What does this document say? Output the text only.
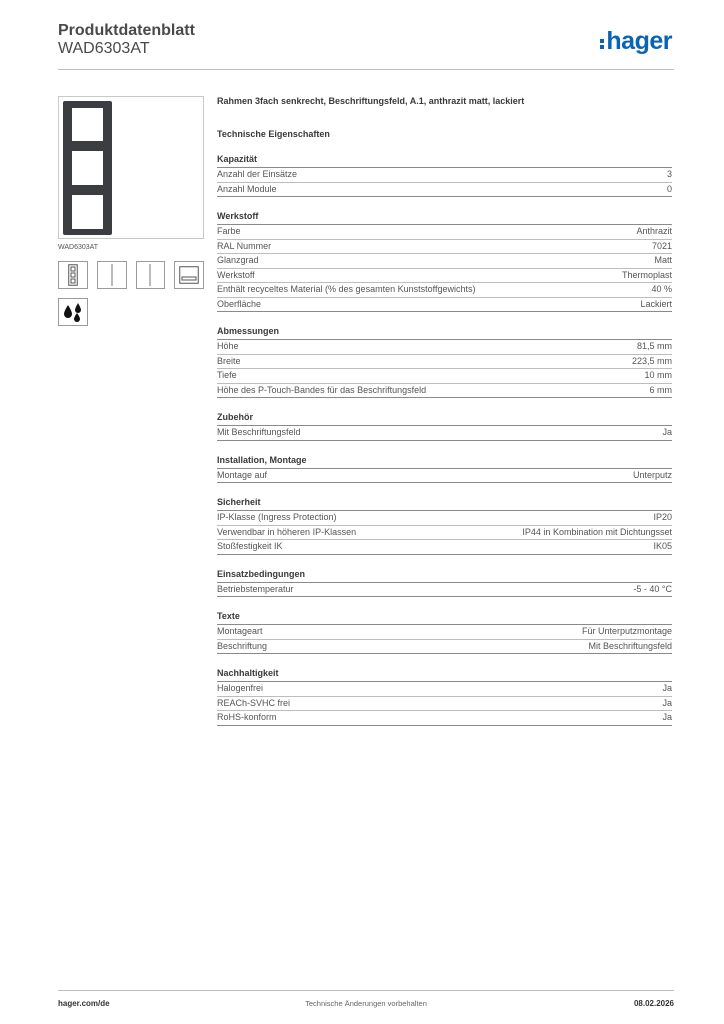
Produktdatenblatt
WAD6303AT	hager
WAD6303AT
Rahmen 3fach senkrecht, Beschriftungsfeld, A.1, anthrazit matt, lackiert
Technische Eigenschaften
Kapazität
Anzahl der Einsätze	3
Anzahl Module	0
Werkstoff
Farbe	Anthrazit
RAL Nummer	7021
Glanzgrad	Matt
Werkstoff	Thermoplast
Enthält recyceltes Material (% des gesamten Kunststoffgewichts)	40 %
Oberfläche	Lackiert
Abmessungen
Höhe	81,5 mm
Breite	223,5 mm
Tiefe	10 mm
Höhe des P-Touch-Bandes für das Beschriftungsfeld	6 mm
Zubehör
Mit Beschriftungsfeld	Ja
Installation, Montage
Montage auf	Unterputz
Sicherheit
IP-Klasse (Ingress Protection)	IP20
Verwendbar in höheren IP-Klassen	IP44 in Kombination mit Dichtungsset
Stoßfestigkeit IK	IK05
Einsatzbedingungen
Betriebstemperatur	-5 - 40 °C
Texte
Montageart	Für Unterputzmontage
Beschriftung	Mit Beschriftungsfeld
Nachhaltigkeit
Halogenfrei	Ja
REACh-SVHC frei	Ja
RoHS-konform	Ja
hager.com/de	Technische Änderungen vorbehalten	08.02.2026
